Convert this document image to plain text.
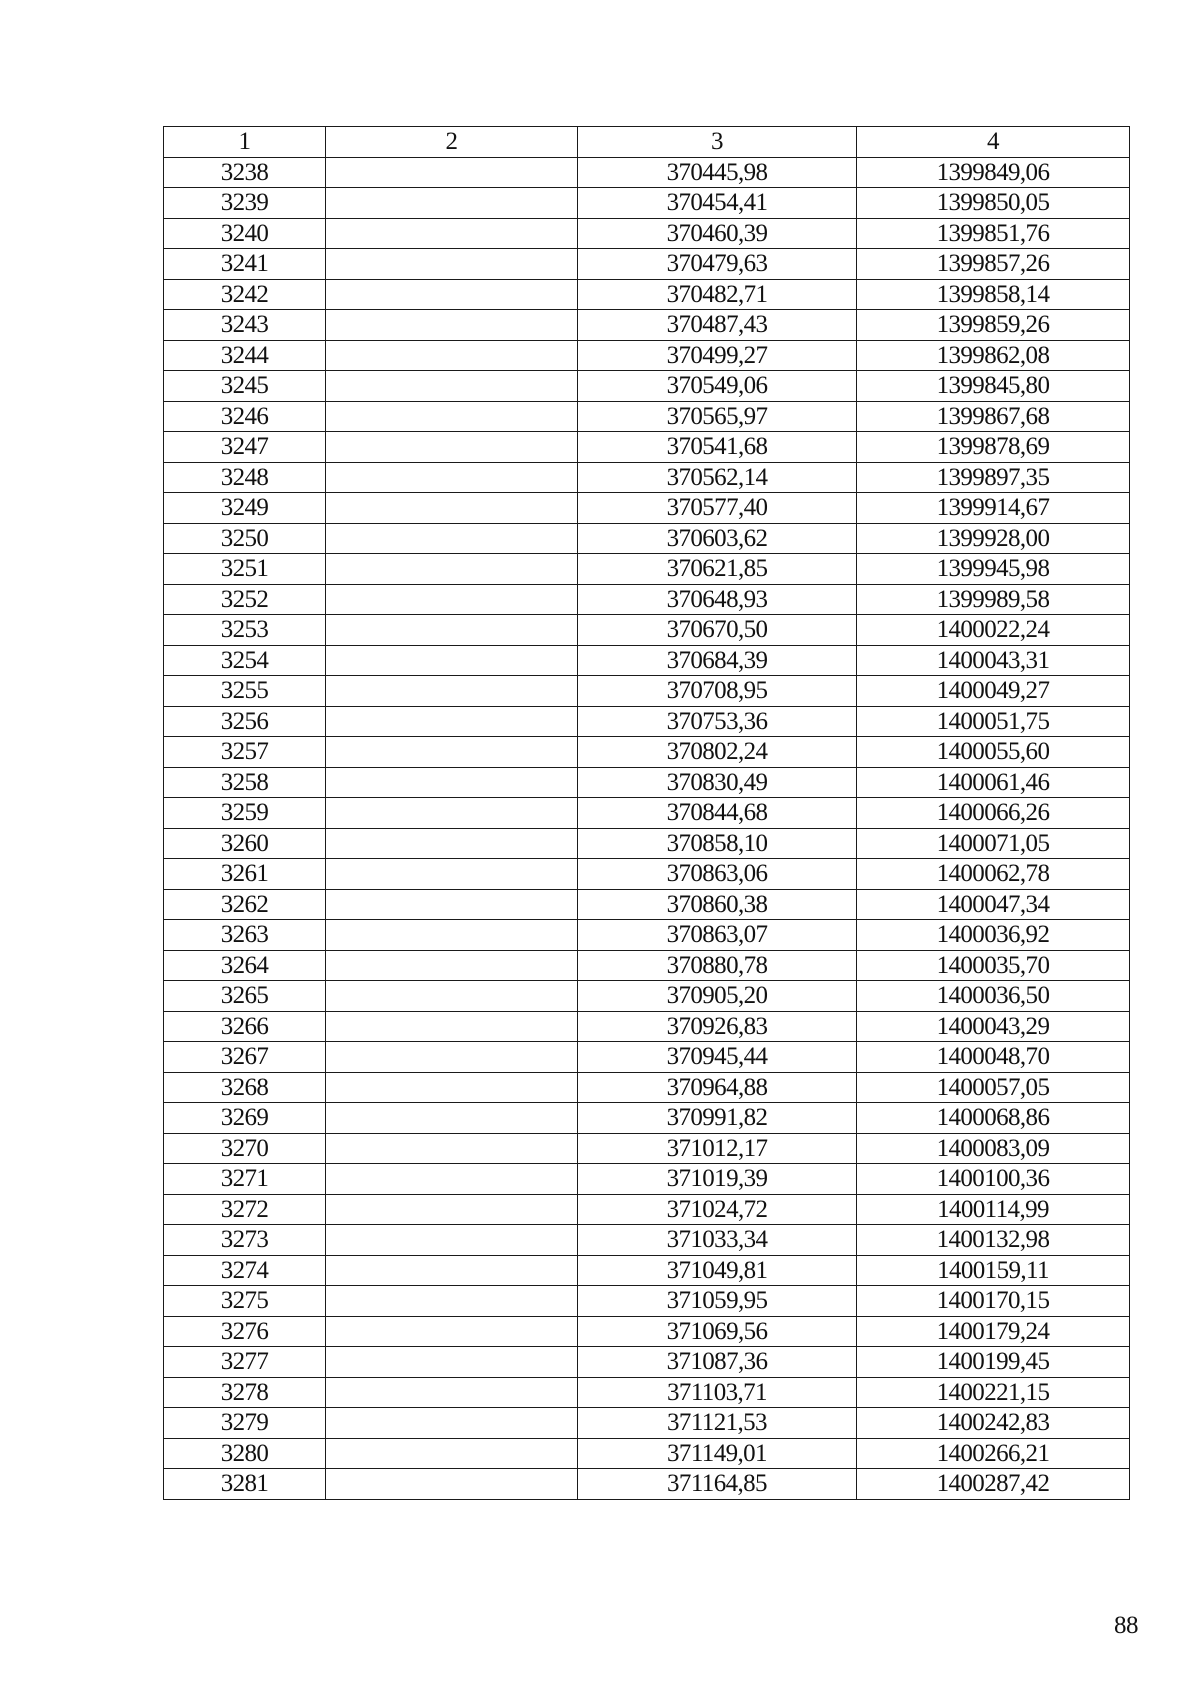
1	2	3	4
3238		370445,98	1399849,06
3239		370454,41	1399850,05
3240		370460,39	1399851,76
3241		370479,63	1399857,26
3242		370482,71	1399858,14
3243		370487,43	1399859,26
3244		370499,27	1399862,08
3245		370549,06	1399845,80
3246		370565,97	1399867,68
3247		370541,68	1399878,69
3248		370562,14	1399897,35
3249		370577,40	1399914,67
3250		370603,62	1399928,00
3251		370621,85	1399945,98
3252		370648,93	1399989,58
3253		370670,50	1400022,24
3254		370684,39	1400043,31
3255		370708,95	1400049,27
3256		370753,36	1400051,75
3257		370802,24	1400055,60
3258		370830,49	1400061,46
3259		370844,68	1400066,26
3260		370858,10	1400071,05
3261		370863,06	1400062,78
3262		370860,38	1400047,34
3263		370863,07	1400036,92
3264		370880,78	1400035,70
3265		370905,20	1400036,50
3266		370926,83	1400043,29
3267		370945,44	1400048,70
3268		370964,88	1400057,05
3269		370991,82	1400068,86
3270		371012,17	1400083,09
3271		371019,39	1400100,36
3272		371024,72	1400114,99
3273		371033,34	1400132,98
3274		371049,81	1400159,11
3275		371059,95	1400170,15
3276		371069,56	1400179,24
3277		371087,36	1400199,45
3278		371103,71	1400221,15
3279		371121,53	1400242,83
3280		371149,01	1400266,21
3281		371164,85	1400287,42
88
